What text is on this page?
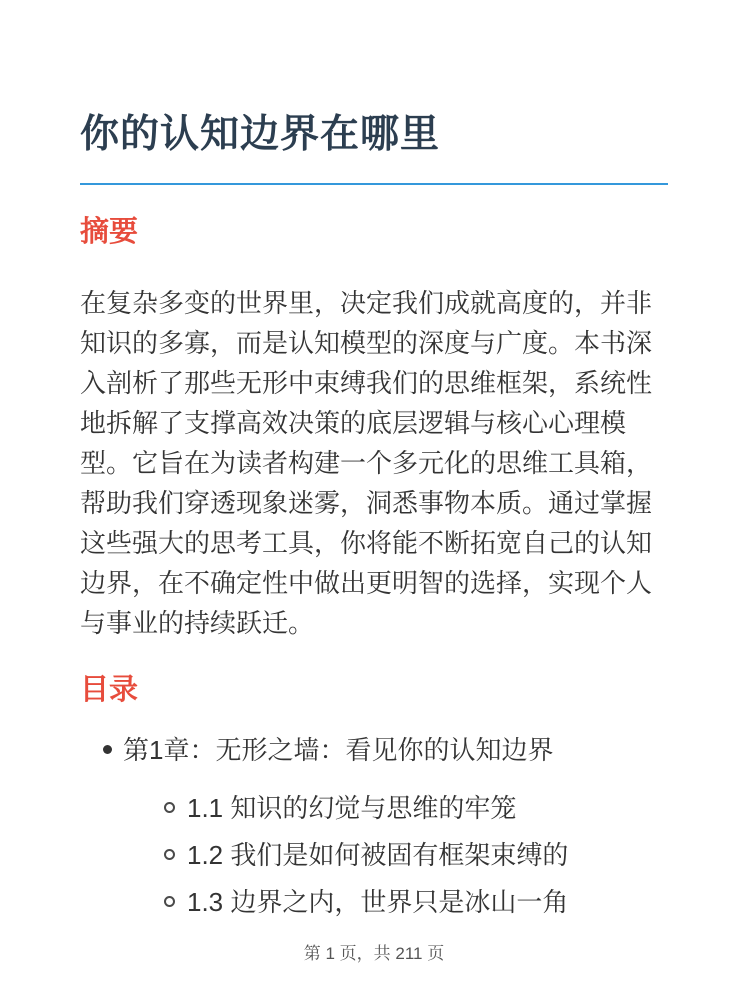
你的认知边界在哪里
摘要

在复杂多变的世界里，决定我们成就高度的，并非知识的多寡，而是认知模型的深度与广度。本书深入剖析了那些无形中束缚我们的思维框架，系统性地拆解了支撑高效决策的底层逻辑与核心心理模型。它旨在为读者构建一个多元化的思维工具箱，帮助我们穿透现象迷雾，洞悉事物本质。通过掌握这些强大的思考工具，你将能不断拓宽自己的认知边界，在不确定性中做出更明智的选择，实现个人与事业的持续跃迁。

目录
第1章：无形之墙：看见你的认知边界
1.1 知识的幻觉与思维的牢笼
1.2 我们是如何被固有框架束缚的
1.3 边界之内，世界只是冰山一角
第 1 页，共 211 页
